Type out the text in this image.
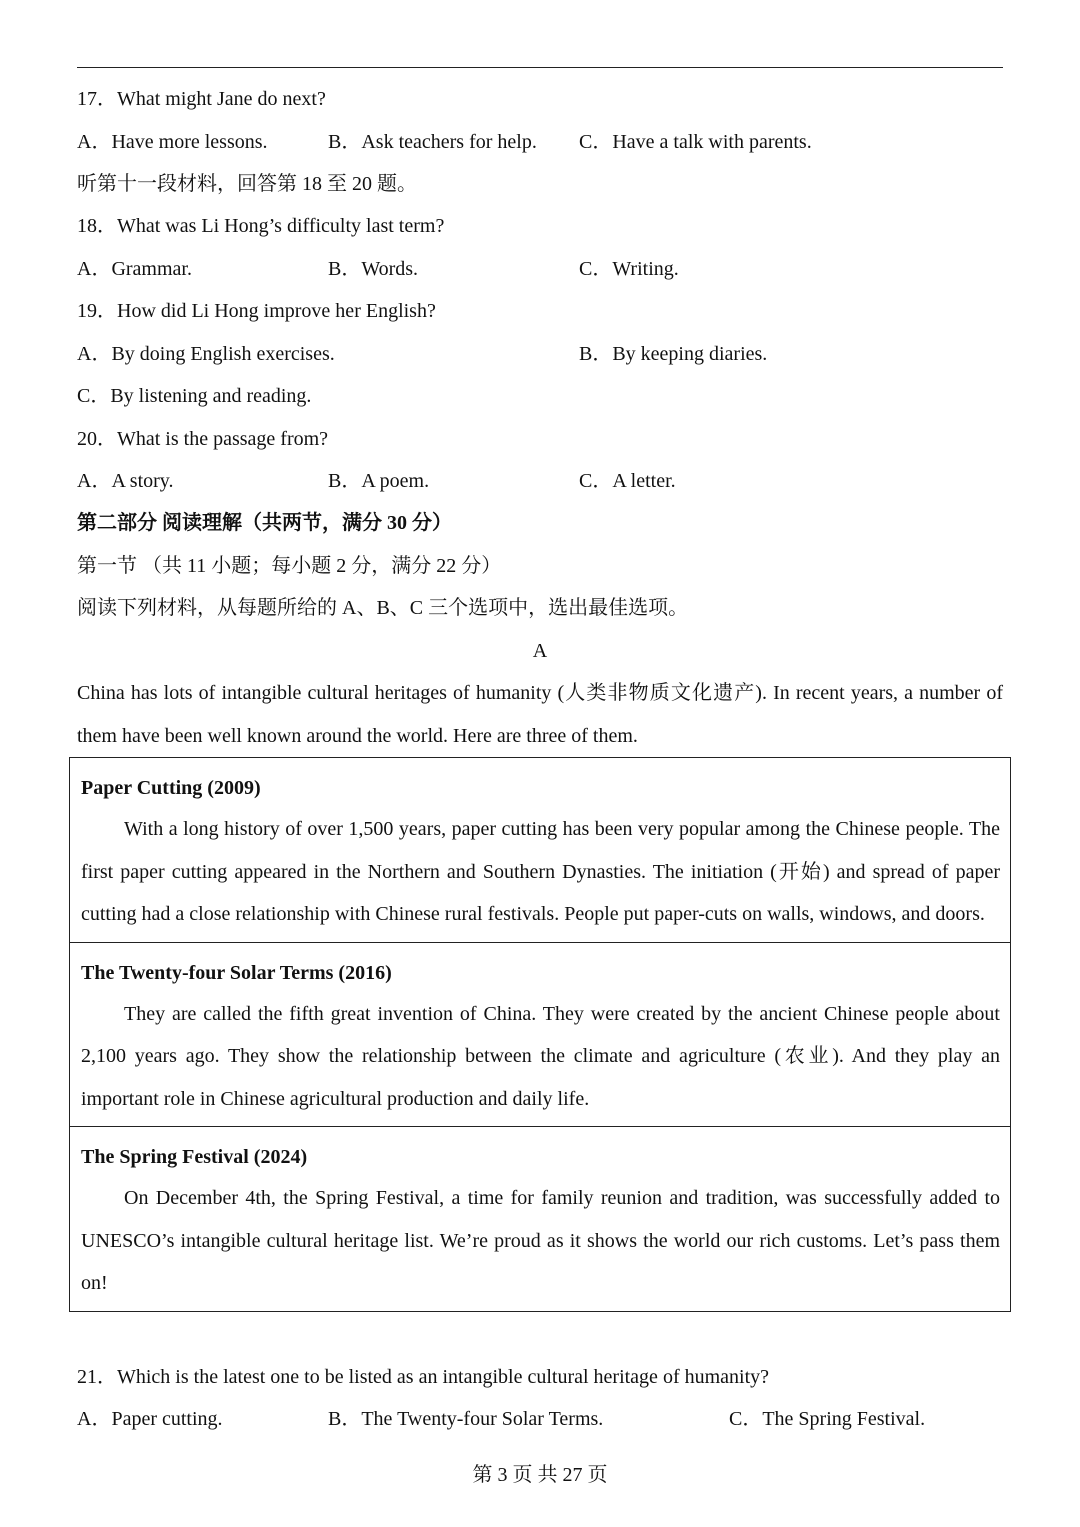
17．What might Jane do next?
A．Have more lessons.	B．Ask teachers for help. C．Have a talk with parents.
听第十一段材料，回答第 18 至 20 题。
18．What was Li Hong’s difficulty last term?
A．Grammar.	B．Words.	C．Writing.
19．How did Li Hong improve her English?
A．By doing English exercises.	B．By keeping diaries.
C．By listening and reading.
20．What is the passage from?
A．A story.	B．A poem.	C．A letter.
第二部分 阅读理解（共两节，满分 30 分）
第一节 （共 11 小题；每小题 2 分，满分 22 分）
阅读下列材料，从每题所给的 A、B、C 三个选项中，选出最佳选项。
A
China has lots of intangible cultural heritages of humanity (人类非物质文化遗产). In recent years, a number of them have been well known around the world. Here are three of them.
Paper Cutting (2009)
With a long history of over 1,500 years, paper cutting has been very popular among the Chinese people. The first paper cutting appeared in the Northern and Southern Dynasties. The initiation (开始) and spread of paper cutting had a close relationship with Chinese rural festivals. People put paper-cuts on walls, windows, and doors.
The Twenty-four Solar Terms (2016)
They are called the fifth great invention of China. They were created by the ancient Chinese people about 2,100 years ago. They show the relationship between the climate and agriculture (农业). And they play an important role in Chinese agricultural production and daily life.
The Spring Festival (2024)
On December 4th, the Spring Festival, a time for family reunion and tradition, was successfully added to UNESCO’s intangible cultural heritage list. We’re proud as it shows the world our rich customs. Let’s pass them on!
21．Which is the latest one to be listed as an intangible cultural heritage of humanity?
A．Paper cutting.	B．The Twenty-four Solar Terms.	C．The Spring Festival.
第 3 页 共 27 页
